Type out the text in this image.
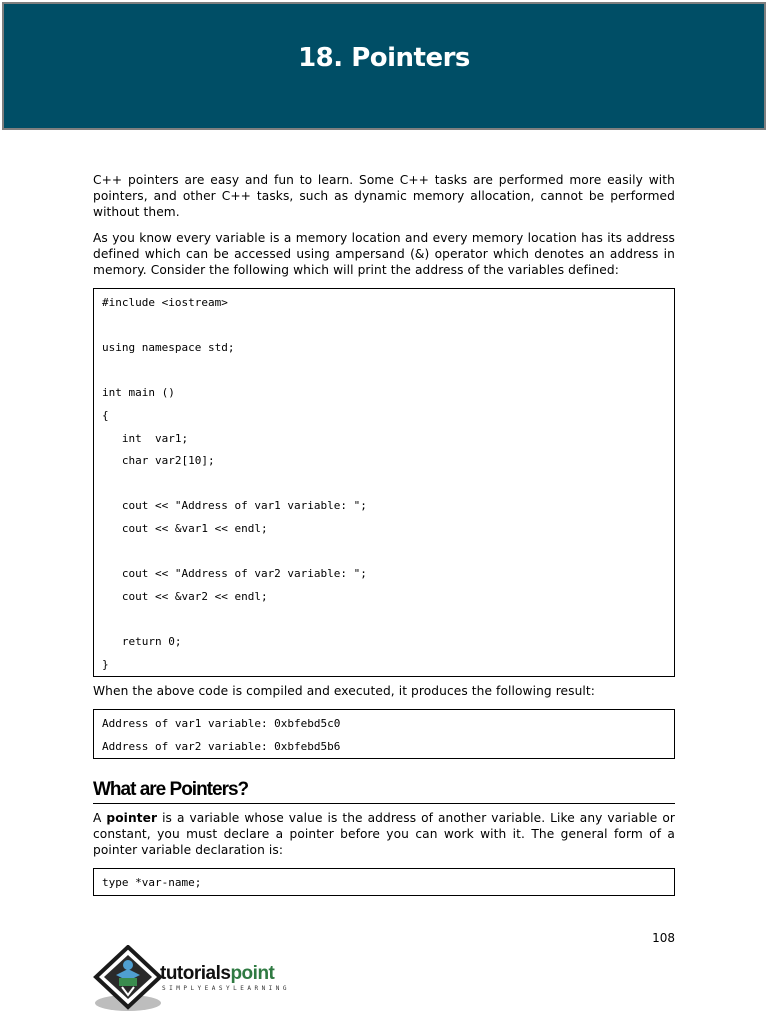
18. Pointers

C++ pointers are easy and fun to learn. Some C++ tasks are performed more easily with pointers, and other C++ tasks, such as dynamic memory allocation, cannot be performed without them.

As you know every variable is a memory location and every memory location has its address defined which can be accessed using ampersand (&) operator which denotes an address in memory. Consider the following which will print the address of the variables defined:

#include <iostream>
using namespace std;
int main ()
{
int  var1;
char var2[10];
cout << "Address of var1 variable: ";
cout << &var1 << endl;
cout << "Address of var2 variable: ";
cout << &var2 << endl;
return 0;
}

When the above code is compiled and executed, it produces the following result:

Address of var1 variable: 0xbfebd5c0
Address of var2 variable: 0xbfebd5b6
What are Pointers?

A pointer is a variable whose value is the address of another variable. Like any variable or constant, you must declare a pointer before you can work with it. The general form of a pointer variable declaration is:

type *var-name;
108
tutorialspoint
SIMPLYEASYLEARNING
